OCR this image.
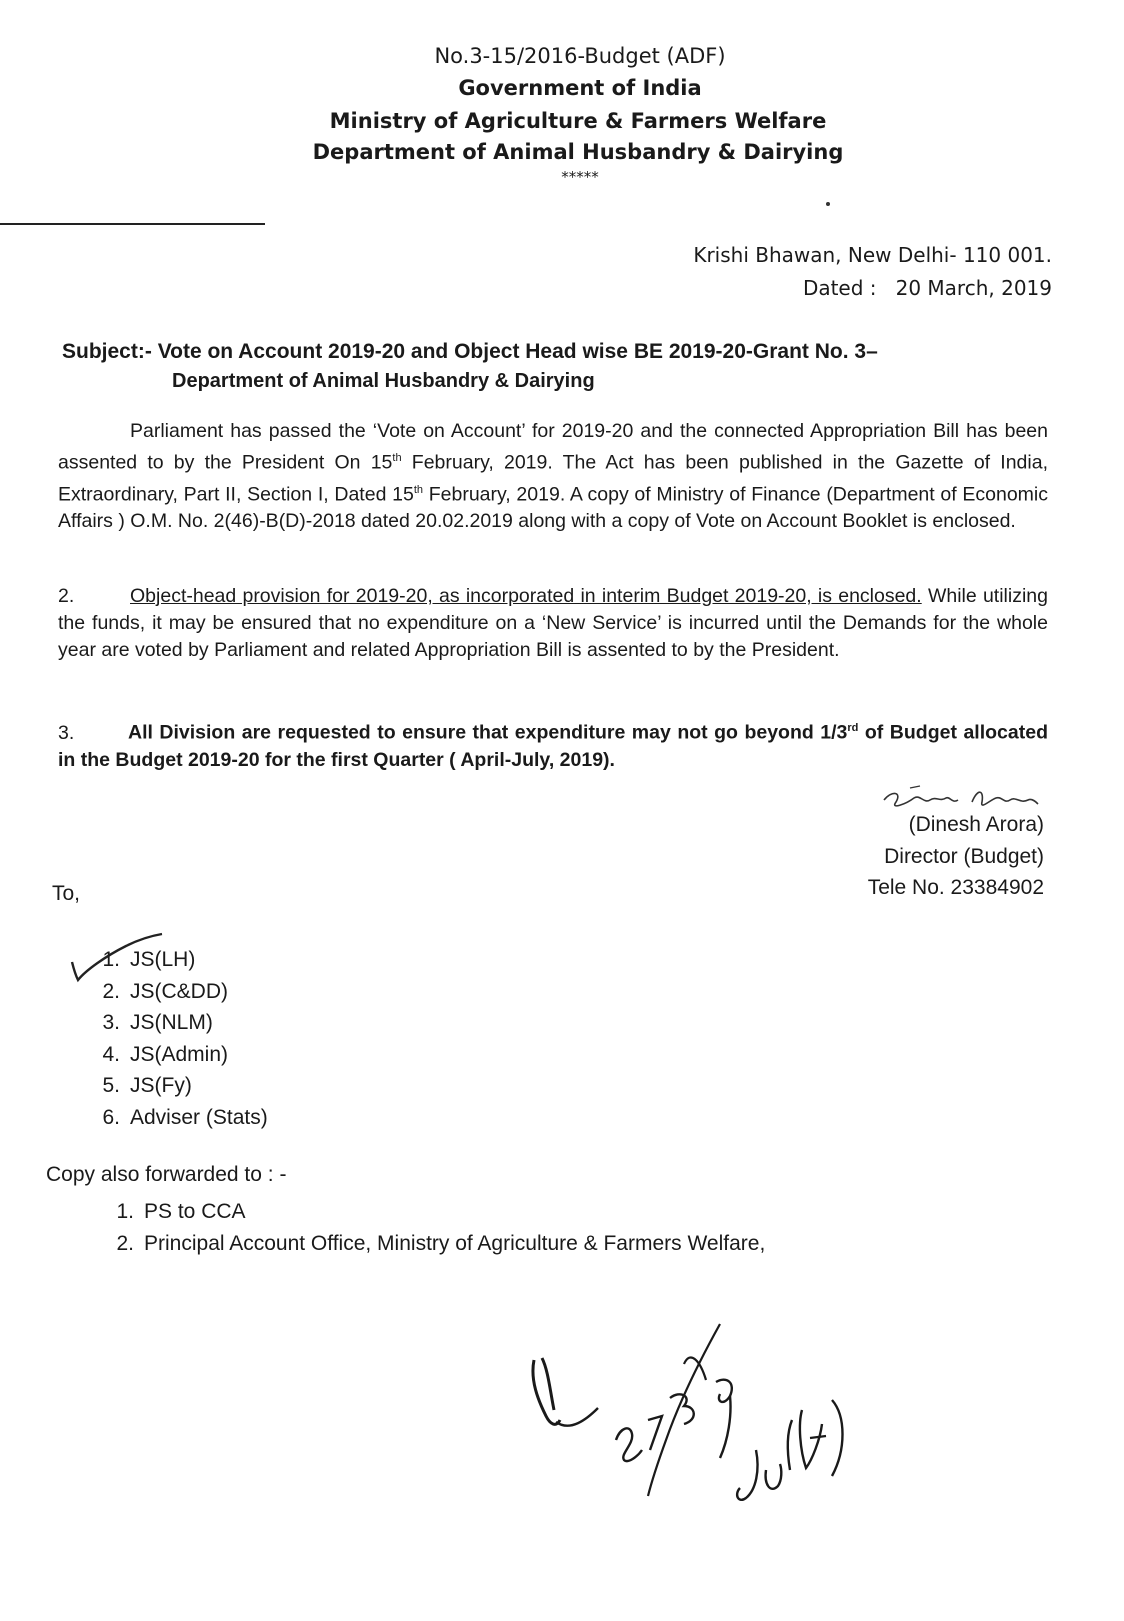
No.3-15/2016-Budget (ADF)
Government of India
Ministry of Agriculture & Farmers Welfare
Department of Animal Husbandry & Dairying
*****
Krishi Bhawan, New Delhi- 110 001.
Dated : 20 March, 2019
Subject:- Vote on Account 2019-20 and Object Head wise BE 2019-20-Grant No. 3–
Department of Animal Husbandry & Dairying
Parliament has passed the ‘Vote on Account’ for 2019-20 and the connected Appropriation Bill has been assented to by the President On 15th February, 2019. The Act has been published in the Gazette of India, Extraordinary, Part II, Section I, Dated 15th February, 2019. A copy of Ministry of Finance (Department of Economic Affairs ) O.M. No. 2(46)-B(D)-2018 dated 20.02.2019 along with a copy of Vote on Account Booklet is enclosed.
2.	Object-head provision for 2019-20, as incorporated in interim Budget 2019-20, is enclosed. While utilizing the funds, it may be ensured that no expenditure on a ‘New Service’ is incurred until the Demands for the whole year are voted by Parliament and related Appropriation Bill is assented to by the President.
3.	All Division are requested to ensure that expenditure may not go beyond 1/3rd of Budget allocated in the Budget 2019-20 for the first Quarter ( April-July, 2019).
(Dinesh Arora)
Director (Budget)
Tele No. 23384902
To,
1. JS(LH)
2. JS(C&DD)
3. JS(NLM)
4. JS(Admin)
5. JS(Fy)
6. Adviser (Stats)
Copy also forwarded to : -
1. PS to CCA
2. Principal Account Office, Ministry of Agriculture & Farmers Welfare,
